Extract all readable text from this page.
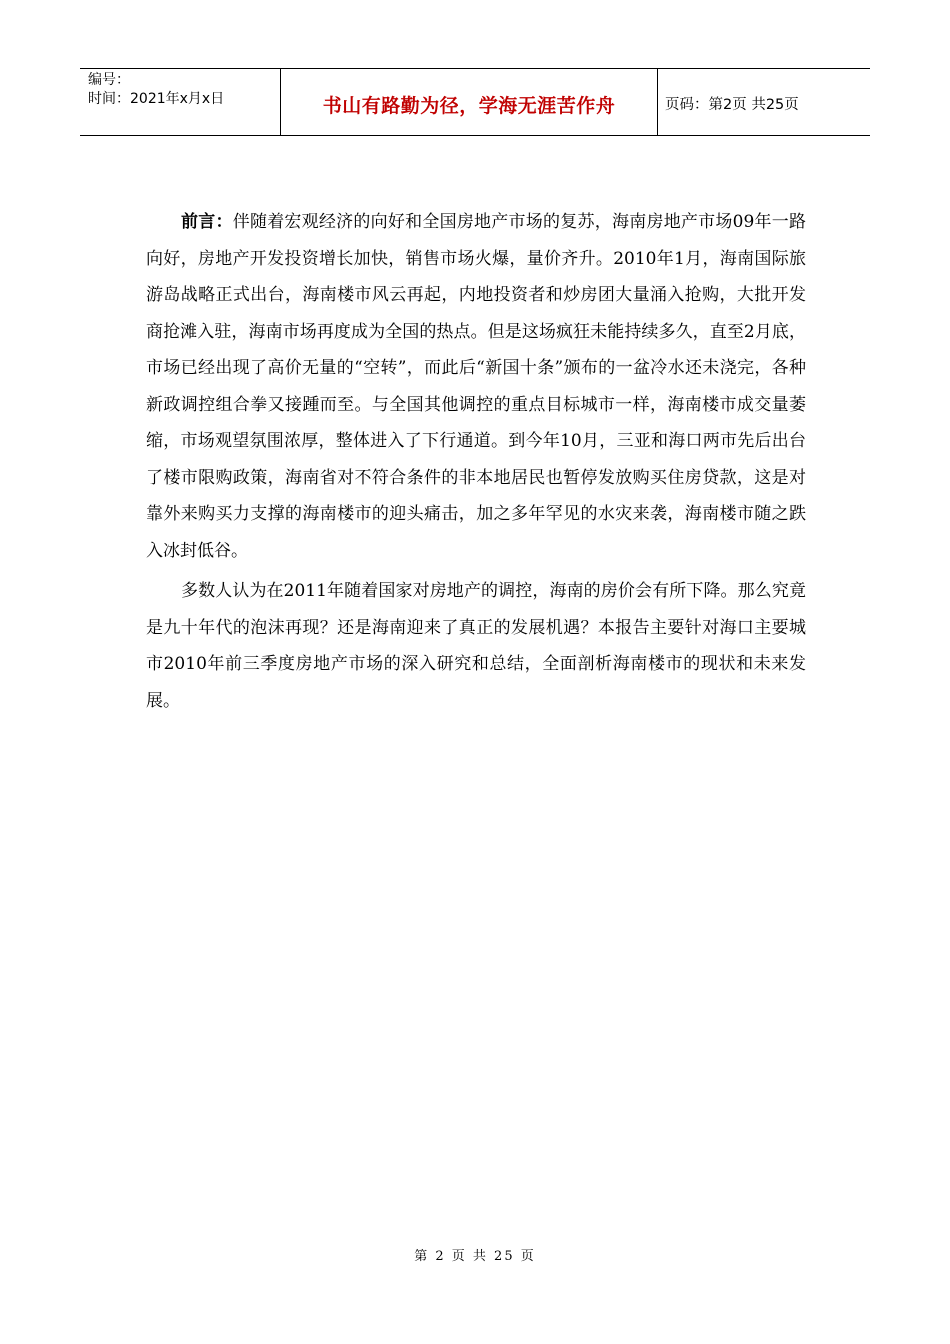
编号：
时间：2021年x月x日	书山有路勤为径，学海无涯苦作舟	页码：第2页 共25页

前言：伴随着宏观经济的向好和全国房地产市场的复苏，海南房地产市场09年一路向好，房地产开发投资增长加快，销售市场火爆，量价齐升。2010年1月，海南国际旅游岛战略正式出台，海南楼市风云再起，内地投资者和炒房团大量涌入抢购，大批开发商抢滩入驻，海南市场再度成为全国的热点。但是这场疯狂未能持续多久，直至2月底，市场已经出现了高价无量的“空转”，而此后“新国十条”颁布的一盆冷水还未浇完，各种新政调控组合拳又接踵而至。与全国其他调控的重点目标城市一样，海南楼市成交量萎缩，市场观望氛围浓厚，整体进入了下行通道。到今年10月，三亚和海口两市先后出台了楼市限购政策，海南省对不符合条件的非本地居民也暂停发放购买住房贷款，这是对靠外来购买力支撑的海南楼市的迎头痛击，加之多年罕见的水灾来袭，海南楼市随之跌入冰封低谷。

多数人认为在2011年随着国家对房地产的调控，海南的房价会有所下降。那么究竟是九十年代的泡沫再现？还是海南迎来了真正的发展机遇？本报告主要针对海口主要城市2010年前三季度房地产市场的深入研究和总结，全面剖析海南楼市的现状和未来发展。

第 2 页 共 25 页
